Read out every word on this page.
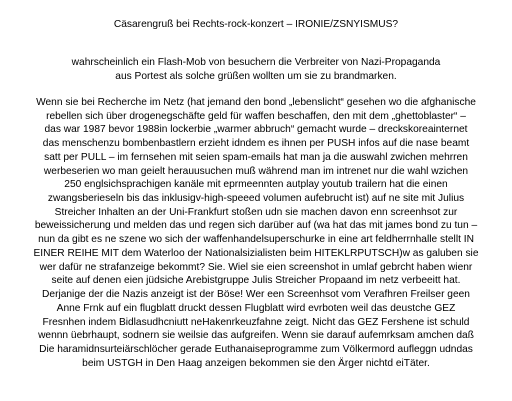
Cäsarengruß bei Rechts-rock-konzert – IRONIE/ZSNYISMUS?
wahrscheinlich ein Flash-Mob von besuchern die Verbreiter von Nazi-Propaganda
aus Portest als solche grüßen wollten um sie zu brandmarken.
Wenn sie bei Recherche im Netz (hat jemand den bond „lebenslicht“ gesehen wo die afghanische
rebellen sich über drogenegschäfte geld für waffen beschaffen, den mit dem „ghettoblaster“ –
das war 1987 bevor 1988in lockerbie „warmer abbruch“ gemacht wurde – dreckskoreainternet
das menschenzu bombenbastlern erzieht idndem es ihnen per PUSH infos auf die nase beamt
satt per PULL – im fernsehen mit seien spam-emails hat man ja die auswahl zwichen mehrren
werbeserien wo man geielt herauusuchen muß während man im intrenet nur die wahl wzichen
250 englsichsprachigen kanäle mit eprmeennten autplay youtub trailern hat die einen
zwangsberieseln bis das inklusigv-high-speeed volumen aufebrucht ist) auf ne site mit Julius
Streicher Inhalten an der Uni-Frankfurt stoßen udn sie machen davon enn screenhsot zur
beweissicherung und melden das und regen sich darüber auf (wa hat das mit james bond zu tun –
nun da gibt es ne szene wo sich der waffenhandelsuperschurke in eine art feldherrnhalle stellt IN
EINER REIHE MIT dem Waterloo der Nationalsizialisten beim HITEKLRPUTSCH)w as galuben sie
wer dafür ne strafanzeige bekommt? Sie. Wiel sie eien screenshot in umlaf gebrcht haben wienr
seite auf denen eien jüdsiche Arebistgruppe Julis Streicher Propaand im netz verbeeitt hat.
Derjanige der die Nazis anzeigt ist der Böse! Wer een Screenhsot vom Verafhren Freilser geen
Anne Frnk auf ein flugblatt druckt dessen Flugblatt wird evrboten weil das deustche GEZ
Fresnhen indem Bidlasudhcniutt neHakenrkeuzfahne zeigt. Nicht das GEZ Fershene ist schuld
wennn üebrhaupt, sodnern sie weilsie das aufgreifen. Wenn sie darauf aufemrksam amchen daß
Die haramidnsurteiärschlöcher gerade Euthanaiseprogramme zum Völkermord aufleggn udndas
beim USTGH in Den Haag anzeigen bekommen sie den Ärger nichtd eiTäter.
